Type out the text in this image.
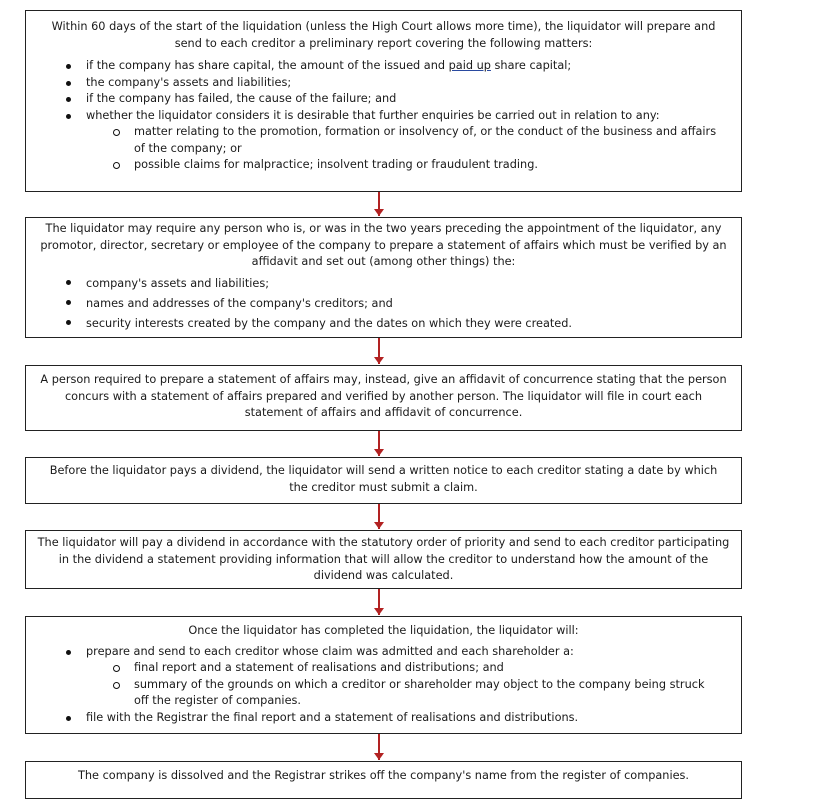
Within 60 days of the start of the liquidation (unless the High Court allows more time), the liquidator will prepare and send to each creditor a preliminary report covering the following matters:

if the company has share capital, the amount of the issued and paid up share capital;
the company's assets and liabilities;
if the company has failed, the cause of the failure; and
whether the liquidator considers it is desirable that further enquiries be carried out in relation to any:
matter relating to the promotion, formation or insolvency of, or the conduct of the business and affairs of the company; or
possible claims for malpractice; insolvent trading or fraudulent trading.

The liquidator may require any person who is, or was in the two years preceding the appointment of the liquidator, any promotor, director, secretary or employee of the company to prepare a statement of affairs which must be verified by an affidavit and set out (among other things) the:

company's assets and liabilities;
names and addresses of the company's creditors; and
security interests created by the company and the dates on which they were created.

A person required to prepare a statement of affairs may, instead, give an affidavit of concurrence stating that the person concurs with a statement of affairs prepared and verified by another person. The liquidator will file in court each statement of affairs and affidavit of concurrence.

Before the liquidator pays a dividend, the liquidator will send a written notice to each creditor stating a date by which the creditor must submit a claim.

The liquidator will pay a dividend in accordance with the statutory order of priority and send to each creditor participating in the dividend a statement providing information that will allow the creditor to understand how the amount of the dividend was calculated.

Once the liquidator has completed the liquidation, the liquidator will:

prepare and send to each creditor whose claim was admitted and each shareholder a:
final report and a statement of realisations and distributions; and
summary of the grounds on which a creditor or shareholder may object to the company being struck off the register of companies.
file with the Registrar the final report and a statement of realisations and distributions.

The company is dissolved and the Registrar strikes off the company's name from the register of companies.
